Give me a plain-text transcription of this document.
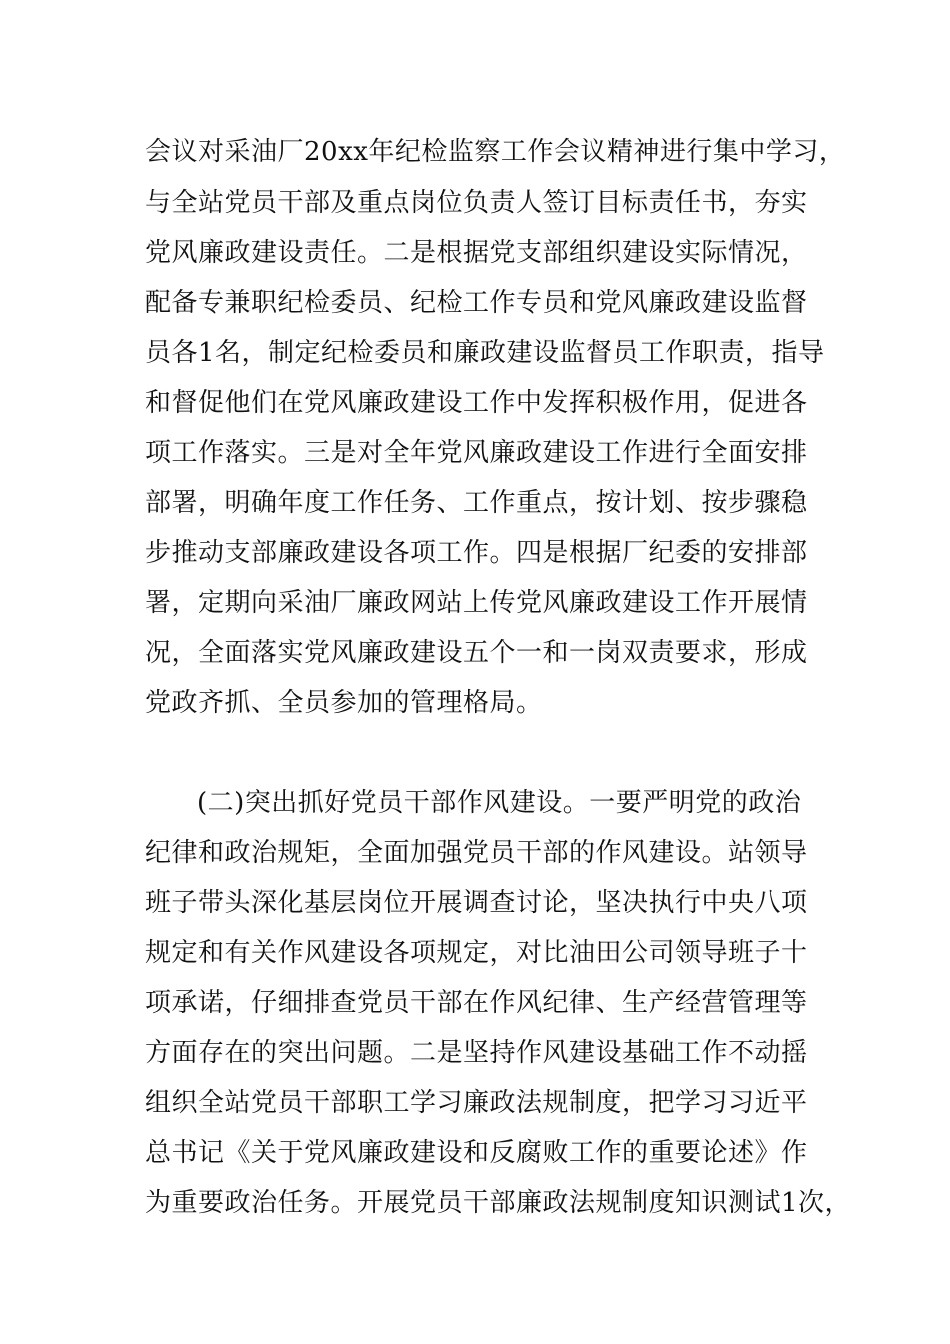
会议对采油厂20xx年纪检监察工作会议精神进行集中学习，
与全站党员干部及重点岗位负责人签订目标责任书，夯实
党风廉政建设责任。二是根据党支部组织建设实际情况，
配备专兼职纪检委员、纪检工作专员和党风廉政建设监督
员各1名，制定纪检委员和廉政建设监督员工作职责，指导
和督促他们在党风廉政建设工作中发挥积极作用，促进各
项工作落实。三是对全年党风廉政建设工作进行全面安排
部署，明确年度工作任务、工作重点，按计划、按步骤稳
步推动支部廉政建设各项工作。四是根据厂纪委的安排部
署，定期向采油厂廉政网站上传党风廉政建设工作开展情
况，全面落实党风廉政建设五个一和一岗双责要求，形成
党政齐抓、全员参加的管理格局。
(二)突出抓好党员干部作风建设。一要严明党的政治
纪律和政治规矩，全面加强党员干部的作风建设。站领导
班子带头深化基层岗位开展调查讨论，坚决执行中央八项
规定和有关作风建设各项规定，对比油田公司领导班子十
项承诺，仔细排查党员干部在作风纪律、生产经营管理等
方面存在的突出问题。二是坚持作风建设基础工作不动摇
组织全站党员干部职工学习廉政法规制度，把学习习近平
总书记《关于党风廉政建设和反腐败工作的重要论述》作
为重要政治任务。开展党员干部廉政法规制度知识测试1次，
